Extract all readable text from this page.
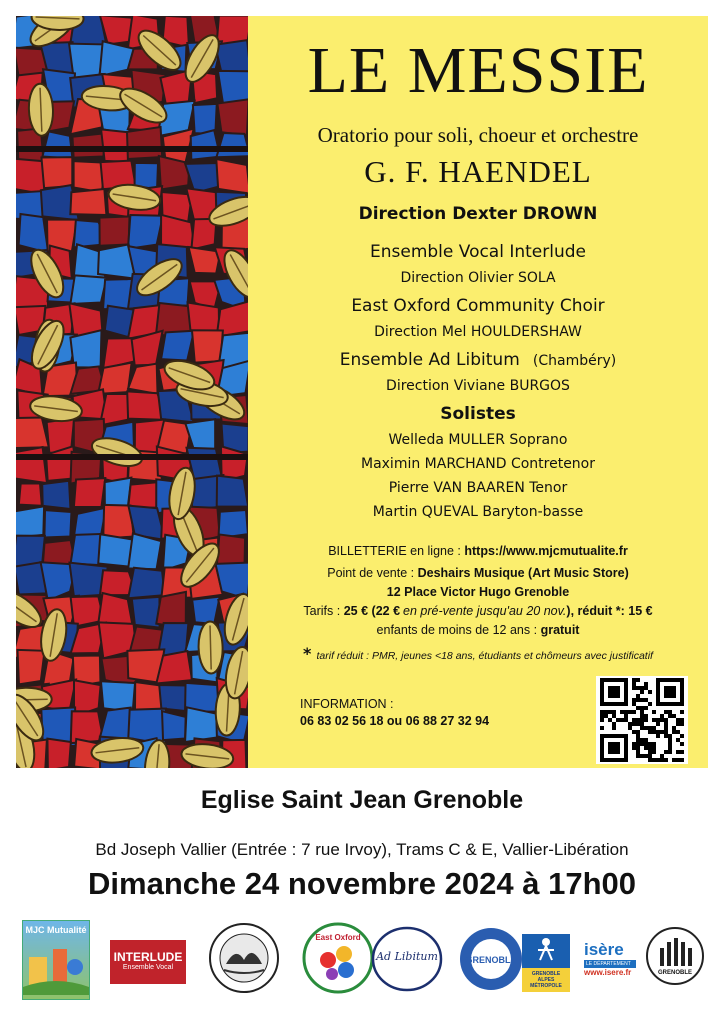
LE MESSIE
Oratorio pour soli, choeur et orchestre
G. F. HAENDEL
Direction Dexter DROWN
Ensemble Vocal Interlude
Direction Olivier SOLA
East Oxford Community Choir
Direction Mel HOULDERSHAW
Ensemble Ad Libitum (Chambéry)
Direction Viviane BURGOS
Solistes
Welleda MULLER Soprano
Maximin MARCHAND Contretenor
Pierre VAN BAAREN Tenor
Martin QUEVAL Baryton-basse
BILLETTERIE en ligne : https://www.mjcmutualite.fr
Point de vente : Deshairs Musique (Art Music Store)
12 Place Victor Hugo Grenoble
Tarifs : 25 € (22 € en pré-vente jusqu'au 20 nov.), réduit *: 15 €
enfants de moins de 12 ans : gratuit
* tarif réduit : PMR, jeunes <18 ans, étudiants et chômeurs avec justificatif
INFORMATION :
06 83 02 56 18 ou 06 88 27 32 94
Eglise Saint Jean Grenoble
Bd Joseph Vallier (Entrée : 7 rue Irvoy), Trams C & E, Vallier-Libération
Dimanche 24 novembre 2024 à 17h00
MJC Mutualité
INTERLUDE
Ensemble Vocal
East Oxford
Ad Libitum	GRENOBLE
GRENOBLE ALPES MÉTROPOLE
isère
LE DÉPARTEMENT
www.isere.fr	GRENOBLE
